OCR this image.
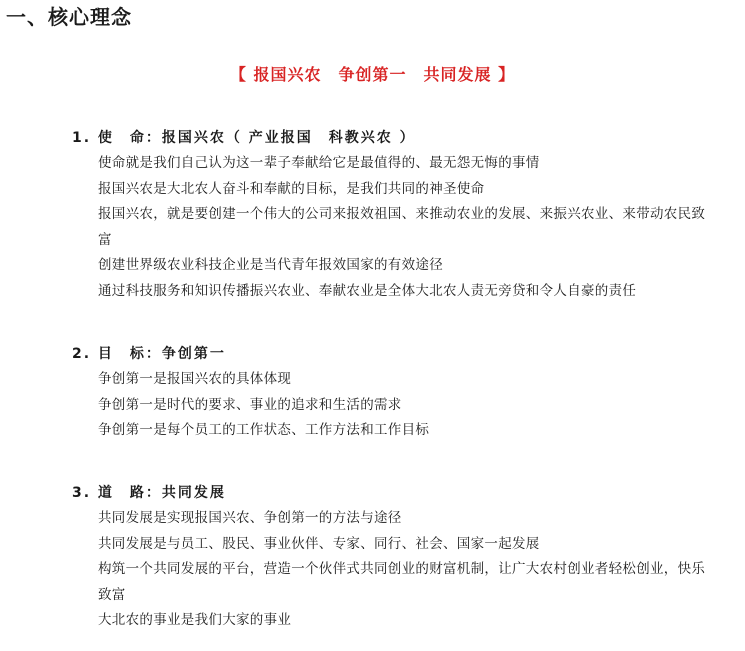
一、核心理念
【 报国兴农　争创第一　共同发展 】
1. 使　命：报国兴农（ 产业报国　科教兴农 ）
使命就是我们自己认为这一辈子奉献给它是最值得的、最无怨无悔的事情
报国兴农是大北农人奋斗和奉献的目标，是我们共同的神圣使命
报国兴农，就是要创建一个伟大的公司来报效祖国、来推动农业的发展、来振兴农业、来带动农民致富
创建世界级农业科技企业是当代青年报效国家的有效途径
通过科技服务和知识传播振兴农业、奉献农业是全体大北农人责无旁贷和令人自豪的责任
2. 目　标：争创第一
争创第一是报国兴农的具体体现
争创第一是时代的要求、事业的追求和生活的需求
争创第一是每个员工的工作状态、工作方法和工作目标
3. 道　路：共同发展
共同发展是实现报国兴农、争创第一的方法与途径
共同发展是与员工、股民、事业伙伴、专家、同行、社会、国家一起发展
构筑一个共同发展的平台，营造一个伙伴式共同创业的财富机制，让广大农村创业者轻松创业，快乐致富
大北农的事业是我们大家的事业
